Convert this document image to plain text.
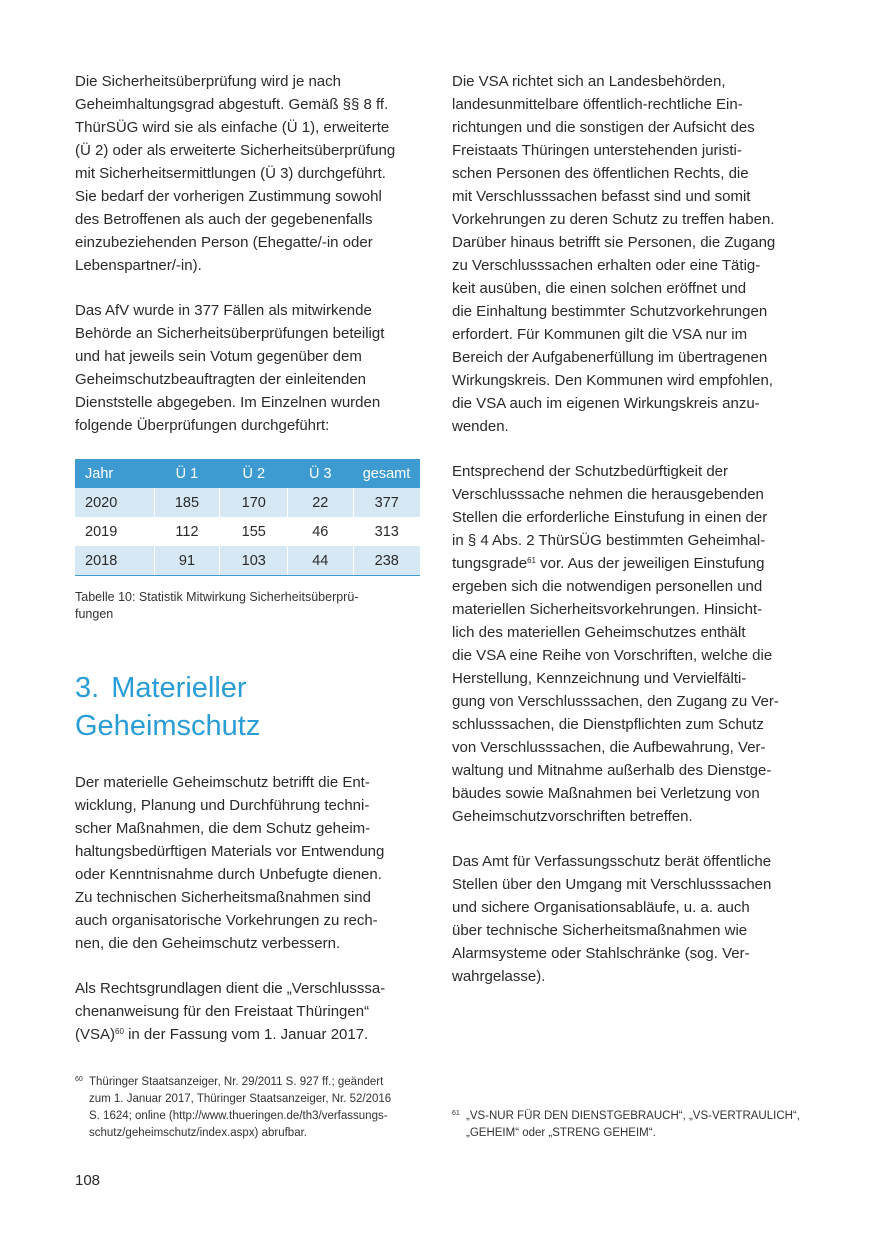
Die Sicherheitsüberprüfung wird je nach
Geheimhaltungsgrad abgestuft. Gemäß §§ 8 ff.
ThürSÜG wird sie als einfache (Ü 1), erweiterte
(Ü 2) oder als erweiterte Sicherheitsüberprüfung
mit Sicherheitsermittlungen (Ü 3) durchgeführt.
Sie bedarf der vorherigen Zustimmung sowohl
des Betroffenen als auch der gegebenenfalls
einzubeziehenden Person (Ehegatte/-in oder
Lebenspartner/-in).

Das AfV wurde in 377 Fällen als mitwirkende
Behörde an Sicherheitsüberprüfungen beteiligt
und hat jeweils sein Votum gegenüber dem
Geheimschutzbeauftragten der einleitenden
Dienststelle abgegeben. Im Einzelnen wurden
folgende Überprüfungen durchgeführt:

Jahr	Ü 1	Ü 2	Ü 3	gesamt
2020	185	170	22	377
2019	112	155	46	313
2018	91	103	44	238
Tabelle 10: Statistik Mitwirkung Sicherheitsüberprü-
fungen
3. Materieller
Geheimschutz

Der materielle Geheimschutz betrifft die Ent-
wicklung, Planung und Durchführung techni-
scher Maßnahmen, die dem Schutz geheim-
haltungsbedürftigen Materials vor Entwendung
oder Kenntnisnahme durch Unbefugte dienen.
Zu technischen Sicherheitsmaßnahmen sind
auch organisatorische Vorkehrungen zu rech-
nen, die den Geheimschutz verbessern.

Als Rechtsgrundlagen dient die „Verschlusssa-
chenanweisung für den Freistaat Thüringen“
(VSA)$^{60}$ in der Fassung vom 1. Januar 2017.

Die VSA richtet sich an Landesbehörden,
landesunmittelbare öffentlich-rechtliche Ein-
richtungen und die sonstigen der Aufsicht des
Freistaats Thüringen unterstehenden juristi-
schen Personen des öffentlichen Rechts, die
mit Verschlusssachen befasst sind und somit
Vorkehrungen zu deren Schutz zu treffen haben.
Darüber hinaus betrifft sie Personen, die Zugang
zu Verschlusssachen erhalten oder eine Tätig-
keit ausüben, die einen solchen eröffnet und
die Einhaltung bestimmter Schutzvorkehrungen
erfordert. Für Kommunen gilt die VSA nur im
Bereich der Aufgabenerfüllung im übertragenen
Wirkungskreis. Den Kommunen wird empfohlen,
die VSA auch im eigenen Wirkungskreis anzu-
wenden.

Entsprechend der Schutzbedürftigkeit der
Verschlusssache nehmen die herausgebenden
Stellen die erforderliche Einstufung in einen der
in § 4 Abs. 2 ThürSÜG bestimmten Geheimhal-
tungsgrade$^{61}$ vor. Aus der jeweiligen Einstufung
ergeben sich die notwendigen personellen und
materiellen Sicherheitsvorkehrungen. Hinsicht-
lich des materiellen Geheimschutzes enthält
die VSA eine Reihe von Vorschriften, welche die
Herstellung, Kennzeichnung und Vervielfälti-
gung von Verschlusssachen, den Zugang zu Ver-
schlusssachen, die Dienstpflichten zum Schutz
von Verschlusssachen, die Aufbewahrung, Ver-
waltung und Mitnahme außerhalb des Dienstge-
bäudes sowie Maßnahmen bei Verletzung von
Geheimschutzvorschriften betreffen.

Das Amt für Verfassungsschutz berät öffentliche
Stellen über den Umgang mit Verschlusssachen
und sichere Organisationsabläufe, u. a. auch
über technische Sicherheitsmaßnahmen wie
Alarmsysteme oder Stahlschränke (sog. Ver-
wahrgelasse).

60 Thüringer Staatsanzeiger, Nr. 29/2011 S. 927 ff.; geändert
zum 1. Januar 2017, Thüringer Staatsanzeiger, Nr. 52/2016
S. 1624; online (http://www.thueringen.de/th3/verfassungs-
schutz/geheimschutz/index.aspx) abrufbar.
61 „VS-NUR FÜR DEN DIENSTGEBRAUCH“, „VS-VERTRAULICH“,
„GEHEIM“ oder „STRENG GEHEIM“.
108
